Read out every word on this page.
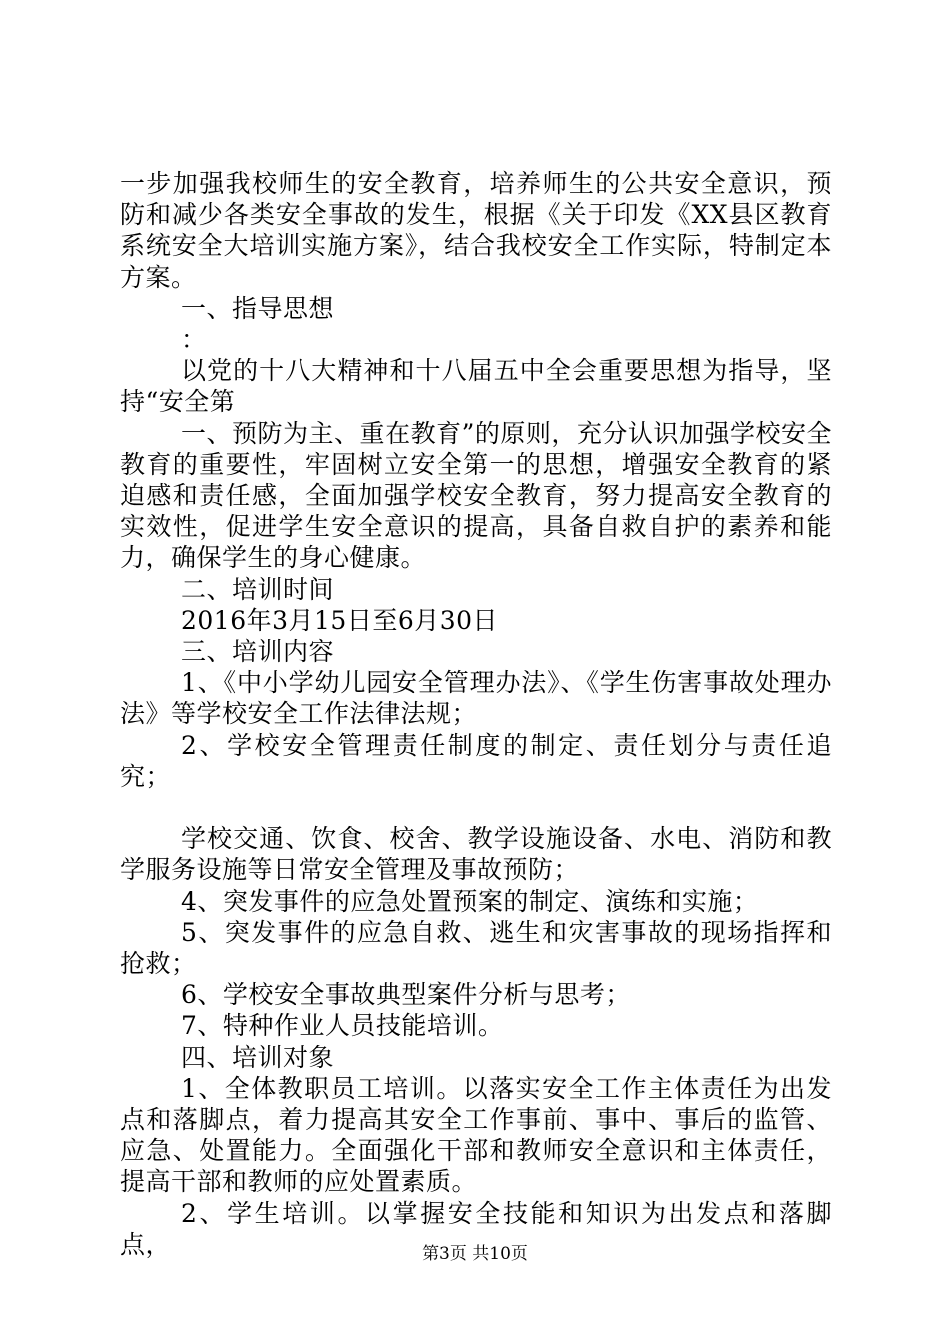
一步加强我校师生的安全教育，培养师生的公共安全意识，预防和减少各类安全事故的发生，根据《关于印发《XX县区教育系统安全大培训实施方案》，结合我校安全工作实际，特制定本方案。

一、指导思想

：

以党的十八大精神和十八届五中全会重要思想为指导，坚持“安全第

一、预防为主、重在教育”的原则，充分认识加强学校安全教育的重要性，牢固树立安全第一的思想，增强安全教育的紧迫感和责任感，全面加强学校安全教育，努力提高安全教育的实效性，促进学生安全意识的提高，具备自救自护的素养和能力，确保学生的身心健康。

二、培训时间

2016年3月15日至6月30日

三、培训内容

1、《中小学幼儿园安全管理办法》、《学生伤害事故处理办法》等学校安全工作法律法规；

2、学校安全管理责任制度的制定、责任划分与责任追究；

学校交通、饮食、校舍、教学设施设备、水电、消防和教学服务设施等日常安全管理及事故预防；

4、突发事件的应急处置预案的制定、演练和实施；

5、突发事件的应急自救、逃生和灾害事故的现场指挥和抢救；

6、学校安全事故典型案件分析与思考；

7、特种作业人员技能培训。

四、培训对象

1、全体教职员工培训。以落实安全工作主体责任为出发点和落脚点，着力提高其安全工作事前、事中、事后的监管、应急、处置能力。全面强化干部和教师安全意识和主体责任，提高干部和教师的应处置素质。

2、学生培训。以掌握安全技能和知识为出发点和落脚点，	第3页 共10页
